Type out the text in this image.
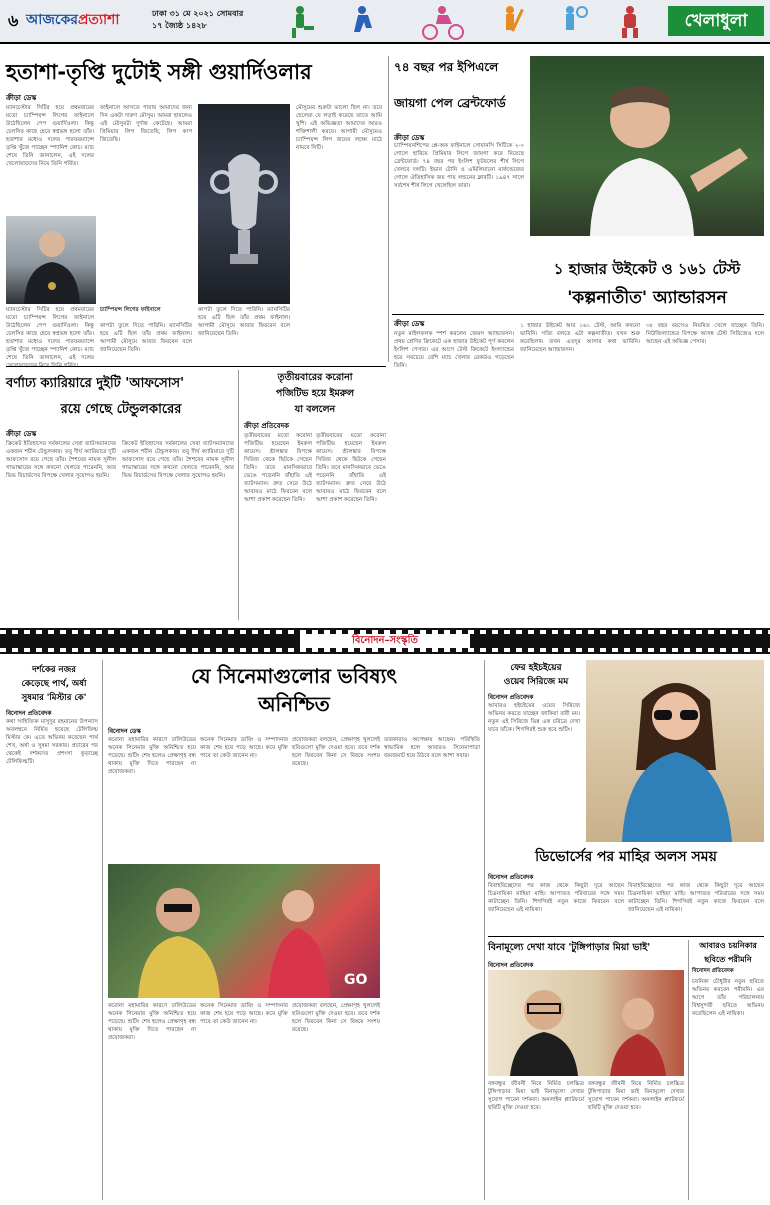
৬ আজকেরপ্রত্যাশা	ঢাকা ৩১ মে ২০২১ সোমবার
১৭ জ্যৈষ্ঠ ১৪২৮	খেলাধুলা
হতাশা-তৃপ্তি দুটোই সঙ্গী গুয়ার্দিওলার
ক্রীড়া ডেস্ক
ম্যানচেস্টার সিটির হয়ে প্রথমবারের মতো চ্যাম্পিয়ন্স লিগের ফাইনালে উঠেছিলেন পেপ গুয়ার্দিওলা। কিন্তু চেলসির কাছে হেরে স্বপ্নভঙ্গ হলো তাঁর। হতাশার মধ্যেও দলের পারফরম্যান্সে তৃপ্তি খুঁজে পাচ্ছেন স্প্যানিশ কোচ। ম্যাচ শেষে তিনি জানালেন, এই দলের খেলোয়াড়দের নিয়ে তিনি গর্বিত।
ম্যানচেস্টার সিটির হয়ে প্রথমবারের মতো চ্যাম্পিয়ন্স লিগের ফাইনালে উঠেছিলেন পেপ গুয়ার্দিওলা। কিন্তু চেলসির কাছে হেরে স্বপ্নভঙ্গ হলো তাঁর। হতাশার মধ্যেও দলের পারফরম্যান্সে তৃপ্তি খুঁজে পাচ্ছেন স্প্যানিশ কোচ। ম্যাচ শেষে তিনি জানালেন, এই দলের
ফাইনালে আসতে পারায় আমাদের জন্য দিন একটা দারুণ মৌসুম। আমরা হারলেও এই মৌসুমটা দুর্দান্ত কেটেছে। আমরা প্রিমিয়ার লিগ জিতেছি, লিগ কাপ জিতেছি।
চ্যাম্পিয়ন্স লিগের ফাইনালে
কাপটা তুলে দিতে পারিনি। ম্যানসিটির হয়ে এটি ছিল তাঁর প্রথম ফাইনাল। আগামী মৌসুমে আবার ফিরবেন বলে জানিয়েছেন তিনি।
কাপটা তুলে দিতে পারিনি। ম্যানসিটির হয়ে এটি ছিল তাঁর প্রথম ফাইনাল। আগামী মৌসুমে আবার ফিরবেন বলে জানিয়েছেন তিনি।
মৌসুমের শুরুটা ভালো ছিল না। তবে ছেলেরা যে লড়াই করেছে তাতে আমি খুশি। এই অভিজ্ঞতা আমাদের আরও শক্তিশালী করবে। আগামী মৌসুমেও চ্যাম্পিয়ন্স লিগ জয়ের লক্ষ্যে মাঠে নামবে সিটি।
৭৪ বছর পর ইপিএলে
জায়গা পেল ব্রেন্টফোর্ড
ক্রীড়া ডেস্ক
চ্যাম্পিয়নশিপের প্লে-অফ ফাইনালে সোয়ানসি সিটিকে ২-০ গোলে হারিয়ে প্রিমিয়ার লিগে জায়গা করে নিয়েছে ব্রেন্টফোর্ড। ৭৪ বছর পর ইংলিশ ফুটবলের শীর্ষ লিগে খেলবে দলটি। ইভান টোনি ও এমিলিয়ানো মার্কন্ডেজের গোলে ঐতিহাসিক জয় পায় লন্ডনের ক্লাবটি। ১৯৪৭ সালে সর্বশেষ শীর্ষ লিগে খেলেছিল তারা।
১ হাজার উইকেট ও ১৬১ টেস্ট
'কল্পনাতীত' অ্যান্ডারসন
ক্রীড়া ডেস্ক
নতুন মাইলফলক স্পর্শ করলেন জেমস অ্যান্ডারসন। প্রথম শ্রেণির ক্রিকেটে এক হাজার উইকেট পূর্ণ করলেন ইংলিশ পেসার। এর আগে টেস্ট ক্রিকেটে ইংল্যান্ডের হয়ে সবচেয়ে বেশি ম্যাচ খেলার রেকর্ডও গড়েছেন তিনি।
১ হাজার উইকেট আর ১৬১ টেস্ট, আমি কখনো ভাবিনি। সত্যি বলতে এটা কল্পনাতীত। যখন শুরু করেছিলাম তখন এতদূর আসার কথা ভাবিনি। জানিয়েছেন অ্যান্ডারসন।
৩৮ বছর বয়সেও নিয়মিত খেলে যাচ্ছেন তিনি। নিউজিল্যান্ডের বিপক্ষে আসন্ন টেস্ট সিরিজেও দলে আছেন এই অভিজ্ঞ পেসার।
বর্ণাঢ্য ক্যারিয়ারে দুইটি 'আফসোস'
রয়ে গেছে টেন্ডুলকারের
ক্রীড়া ডেস্ক
ক্রিকেট ইতিহাসের সর্বকালের সেরা ব্যাটসম্যানদের একজন শচীন টেন্ডুলকার। তবু দীর্ঘ ক্যারিয়ারে দুটি আফসোস রয়ে গেছে তাঁর। শৈশবের নায়ক সুনীল গাভাস্কারের সঙ্গে কখনো খেলতে পারেননি, আর ভিভ রিচার্ডসের বিপক্ষে খেলার সুযোগও হয়নি।
ক্রিকেট ইতিহাসের সর্বকালের সেরা ব্যাটসম্যানদের একজন শচীন টেন্ডুলকার। তবু দীর্ঘ ক্যারিয়ারে দুটি আফসোস রয়ে গেছে তাঁর। শৈশবের নায়ক সুনীল গাভাস্কারের সঙ্গে কখনো খেলতে পারেননি, আর ভিভ রিচার্ডসের বিপক্ষে খেলার সুযোগও হয়নি।
তৃতীয়বারের করোনা
পজিটিভ হয়ে ইমরুল
যা বললেন
ক্রীড়া প্রতিবেদক
তৃতীয়বারের মতো করোনা পজিটিভ হয়েছেন ইমরুল কায়েস। শ্রীলঙ্কার বিপক্ষে সিরিজ থেকে ছিটকে গেছেন তিনি। তবে মানসিকভাবে ভেঙে পড়েননি বাঁহাতি এই ব্যাটসম্যান। দ্রুত সেরে উঠে আবারও মাঠে ফিরবেন বলে আশা প্রকাশ করেছেন তিনি।
তৃতীয়বারের মতো করোনা পজিটিভ হয়েছেন ইমরুল কায়েস। শ্রীলঙ্কার বিপক্ষে সিরিজ থেকে ছিটকে গেছেন তিনি। তবে মানসিকভাবে ভেঙে পড়েননি বাঁহাতি এই ব্যাটসম্যান। দ্রুত সেরে উঠে আবারও মাঠে ফিরবেন বলে আশা প্রকাশ করেছেন তিনি।
বিনোদন–সংস্কৃতি
দর্শকের নজর
কেড়েছে পার্থ, অর্ষা
সুষমার 'মিস্টার কে'
বিনোদন প্রতিবেদক
কথা সাহিত্যিক মাসুদুর রহমানের উপন্যাস অবলম্বনে নির্মিত হয়েছে টেলিফিল্ম মিস্টার কে। এতে অভিনয় করেছেন পার্থ শেখ, অর্ষা ও সুষমা সরকার। প্রচারের পর থেকেই দর্শকদের প্রশংসা কুড়াচ্ছে টেলিফিল্মটি।
যে সিনেমাগুলোর ভবিষ্যৎ
অনিশ্চিত
বিনোদন ডেস্ক
করোনা মহামারির কারণে ঢালিউডের অনেক সিনেমার মুক্তি অনিশ্চিত হয়ে পড়েছে। শুটিং শেষ হলেও প্রেক্ষাগৃহ বন্ধ থাকায় মুক্তি দিতে পারছেন না প্রযোজকরা।
অনেক সিনেমার ডাবিং ও সম্পাদনার কাজ শেষ হয়ে পড়ে আছে। কবে মুক্তি পাবে তা কেউ জানেন না।
প্রযোজকরা বলছেন, প্রেক্ষাগৃহ খুললেই ছবিগুলো মুক্তি দেওয়া হবে। তবে দর্শক হলে ফিরবেন কিনা সে বিষয়ে সংশয় রয়েছে।
তারকারাও অপেক্ষায় আছেন। পরিস্থিতি স্বাভাবিক হলে আবারও সিনেমাপাড়া জমজমাট হয়ে উঠবে বলে আশা সবার।
GO
করোনা মহামারির কারণে ঢালিউডের অনেক সিনেমার মুক্তি অনিশ্চিত হয়ে পড়েছে। শুটিং শেষ হলেও প্রেক্ষাগৃহ বন্ধ থাকায় মুক্তি দিতে পারছেন না প্রযোজকরা।
অনেক সিনেমার ডাবিং ও সম্পাদনার কাজ শেষ হয়ে পড়ে আছে। কবে মুক্তি পাবে তা কেউ জানেন না।
প্রযোজকরা বলছেন, প্রেক্ষাগৃহ খুললেই ছবিগুলো মুক্তি দেওয়া হবে। তবে দর্শক হলে ফিরবেন কিনা সে বিষয়ে সংশয় রয়েছে।
ফের হইচইয়ের
ওয়েব সিরিজে মম
বিনোদন প্রতিবেদক
আবারও হইচইয়ের ওয়েব সিরিজে অভিনয় করতে যাচ্ছেন জাকিয়া বারী মম। নতুন এই সিরিজে ভিন্ন এক চরিত্রে দেখা যাবে তাঁকে। শিগগিরই শুরু হবে শুটিং।
ডিভোর্সের পর মাহির অলস সময়
বিনোদন প্রতিবেদক
বিবাহবিচ্ছেদের পর কাজ থেকে কিছুটা দূরে আছেন চিত্রনায়িকা মাহিয়া মাহি। আপাতত পরিবারের সঙ্গে সময় কাটাচ্ছেন তিনি। শিগগিরই নতুন কাজে ফিরবেন বলে জানিয়েছেন এই নায়িকা।
বিবাহবিচ্ছেদের পর কাজ থেকে কিছুটা দূরে আছেন চিত্রনায়িকা মাহিয়া মাহি। আপাতত পরিবারের সঙ্গে সময় কাটাচ্ছেন তিনি। শিগগিরই নতুন কাজে ফিরবেন বলে জানিয়েছেন এই নায়িকা।
বিনামূল্যে দেখা যাবে 'টুঙ্গিপাড়ার মিয়া ভাই'
বিনোদন প্রতিবেদক
বঙ্গবন্ধুর জীবনী নিয়ে নির্মিত চলচ্চিত্র টুঙ্গিপাড়ার মিয়া ভাই বিনামূল্যে দেখার সুযোগ পাবেন দর্শকরা। অনলাইন প্ল্যাটফর্মে ছবিটি মুক্তি দেওয়া হবে।
বঙ্গবন্ধুর জীবনী নিয়ে নির্মিত চলচ্চিত্র টুঙ্গিপাড়ার মিয়া ভাই বিনামূল্যে দেখার সুযোগ পাবেন দর্শকরা। অনলাইন প্ল্যাটফর্মে ছবিটি মুক্তি দেওয়া হবে।
আবারও চয়নিকার
ছবিতে পরীমনি
বিনোদন প্রতিবেদক
চয়নিকা চৌধুরীর নতুন ছবিতে অভিনয় করবেন পরীমনি। এর আগে তাঁর পরিচালনায় বিশ্বসুন্দরী ছবিতে অভিনয় করেছিলেন এই নায়িকা।
